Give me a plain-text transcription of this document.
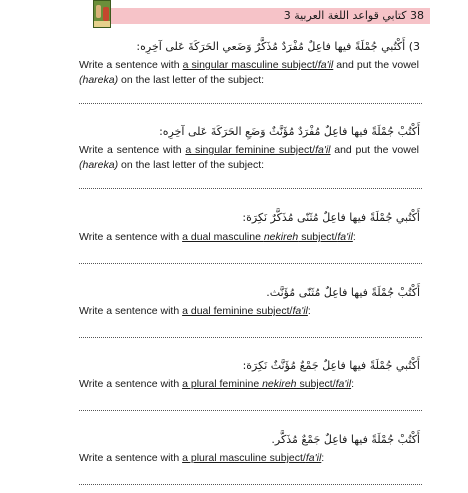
38 كتابي قواعد اللغة العربية 3
3) أَكْتُبي جُمْلَةً فيها فاعِلٌ مُفْرَدٌ مُذَكَّرٌ وَضَعي الحَرَكَةَ عَلى آخِرِه:
Write a sentence with a singular masculine subject/fa'il and put the vowel (hareka) on the last letter of the subject:
أَكْتُبْ جُمْلَةً فيها فاعِلٌ مُفْرَدٌ مُؤَنَّثٌ وَضَعِ الحَرَكَةَ عَلى آخِرِه:
Write a sentence with a singular feminine subject/fa'il and put the vowel (hareka) on the last letter of the subject:
أَكْتُبي جُمْلَةً فيها فاعِلٌ مُثَنّى مُذَكَّرٌ نَكِرَة:
Write a sentence with a dual masculine nekireh subject/fa'il:
أَكْتُبْ جُمْلَةً فيها فاعِلٌ مُثَنّى مُؤَنَّث.
Write a sentence with a dual feminine subject/fa'il:
أَكْتُبي جُمْلَةً فيها فاعِلٌ جَمْعٌ مُؤَنَّثٌ نَكِرَة:
Write a sentence with a plural feminine nekireh subject/fa'il:
أَكْتُبْ جُمْلَةً فيها فاعِلٌ جَمْعٌ مُذَكَّر.
Write a sentence with a plural masculine subject/fa'il:
